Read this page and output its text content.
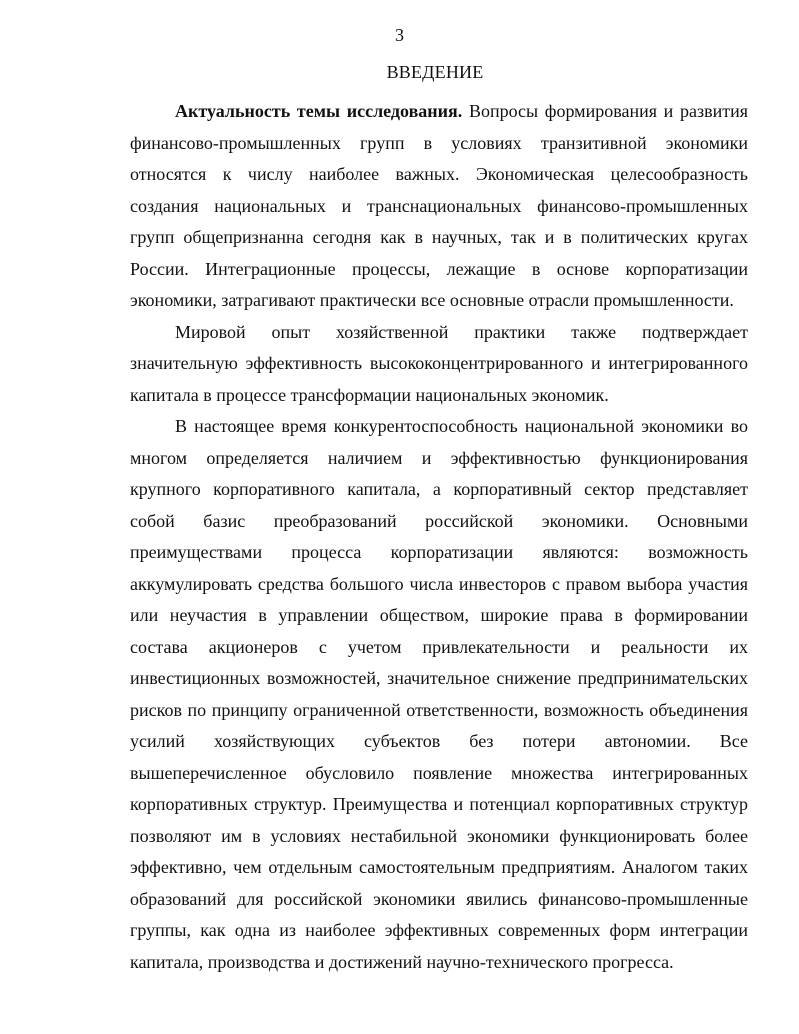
3
ВВЕДЕНИЕ
Актуальность темы исследования. Вопросы формирования и развития
финансово-промышленных групп в условиях транзитивной экономики
относятся к числу наиболее важных. Экономическая целесообразность
создания национальных и транснациональных финансово-промышленных
групп общепризнанна сегодня как в научных, так и в политических кругах
России. Интеграционные процессы, лежащие в основе корпоратизации
экономики, затрагивают практически все основные отрасли промышленности.
Мировой опыт хозяйственной практики также подтверждает
значительную эффективность высококонцентрированного и интегрированного
капитала в процессе трансформации национальных экономик.
В настоящее время конкурентоспособность национальной экономики во
многом определяется наличием и эффективностью функционирования
крупного корпоративного капитала, а корпоративный сектор представляет
собой базис преобразований российской экономики. Основными
преимуществами процесса корпоратизации являются: возможность
аккумулировать средства большого числа инвесторов с правом выбора участия
или неучастия в управлении обществом, широкие права в формировании
состава акционеров с учетом привлекательности и реальности их
инвестиционных возможностей, значительное снижение предпринимательских
рисков по принципу ограниченной ответственности, возможность объединения
усилий хозяйствующих субъектов без потери автономии. Все
вышеперечисленное обусловило появление множества интегрированных
корпоративных структур. Преимущества и потенциал корпоративных структур
позволяют им в условиях нестабильной экономики функционировать более
эффективно, чем отдельным самостоятельным предприятиям. Аналогом таких
образований для российской экономики явились финансово-промышленные
группы, как одна из наиболее эффективных современных форм интеграции
капитала, производства и достижений научно-технического прогресса.
